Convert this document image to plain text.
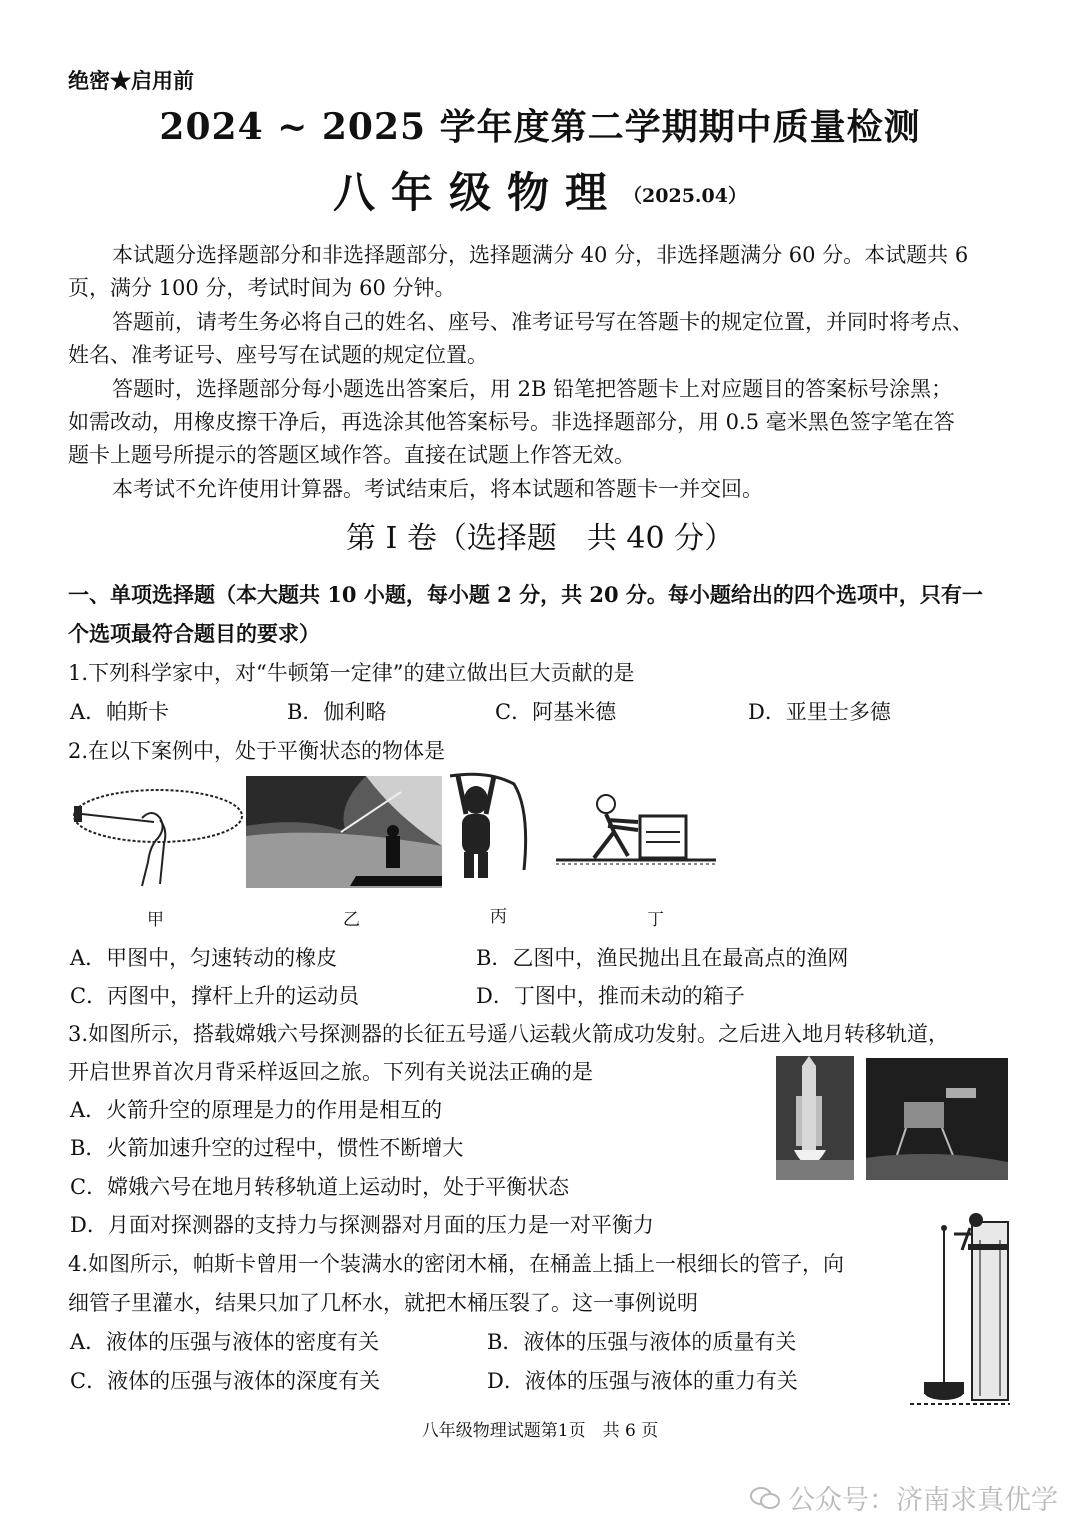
绝密★启用前
2024 ~ 2025 学年度第二学期期中质量检测
八年级物理（2025.04）
本试题分选择题部分和非选择题部分，选择题满分 40 分，非选择题满分 60 分。本试题共 6
页，满分 100 分，考试时间为 60 分钟。
答题前，请考生务必将自己的姓名、座号、准考证号写在答题卡的规定位置，并同时将考点、
姓名、准考证号、座号写在试题的规定位置。
答题时，选择题部分每小题选出答案后，用 2B 铅笔把答题卡上对应题目的答案标号涂黑；
如需改动，用橡皮擦干净后，再选涂其他答案标号。非选择题部分，用 0.5 毫米黑色签字笔在答
题卡上题号所提示的答题区域作答。直接在试题上作答无效。
本考试不允许使用计算器。考试结束后，将本试题和答题卡一并交回。
第 I 卷（选择题　共 40 分）
一、单项选择题（本大题共 10 小题，每小题 2 分，共 20 分。每小题给出的四个选项中，只有一
个选项最符合题目的要求）
1.下列科学家中，对“牛顿第一定律”的建立做出巨大贡献的是
A．帕斯卡	B．伽利略	C．阿基米德	D．亚里士多德
2.在以下案例中，处于平衡状态的物体是
甲	乙	丙	丁
A．甲图中，匀速转动的橡皮	B．乙图中，渔民抛出且在最高点的渔网
C．丙图中，撑杆上升的运动员	D．丁图中，推而未动的箱子
3.如图所示，搭载嫦娥六号探测器的长征五号遥八运载火箭成功发射。之后进入地月转移轨道，
开启世界首次月背采样返回之旅。下列有关说法正确的是
A．火箭升空的原理是力的作用是相互的
B．火箭加速升空的过程中，惯性不断增大
C．嫦娥六号在地月转移轨道上运动时，处于平衡状态
D．月面对探测器的支持力与探测器对月面的压力是一对平衡力
4.如图所示，帕斯卡曾用一个装满水的密闭木桶，在桶盖上插上一根细长的管子，向
细管子里灌水，结果只加了几杯水，就把木桶压裂了。这一事例说明
A．液体的压强与液体的密度有关	B．液体的压强与液体的质量有关
C．液体的压强与液体的深度有关	D．液体的压强与液体的重力有关
八年级物理试题第1页　共 6 页
公众号：济南求真优学
